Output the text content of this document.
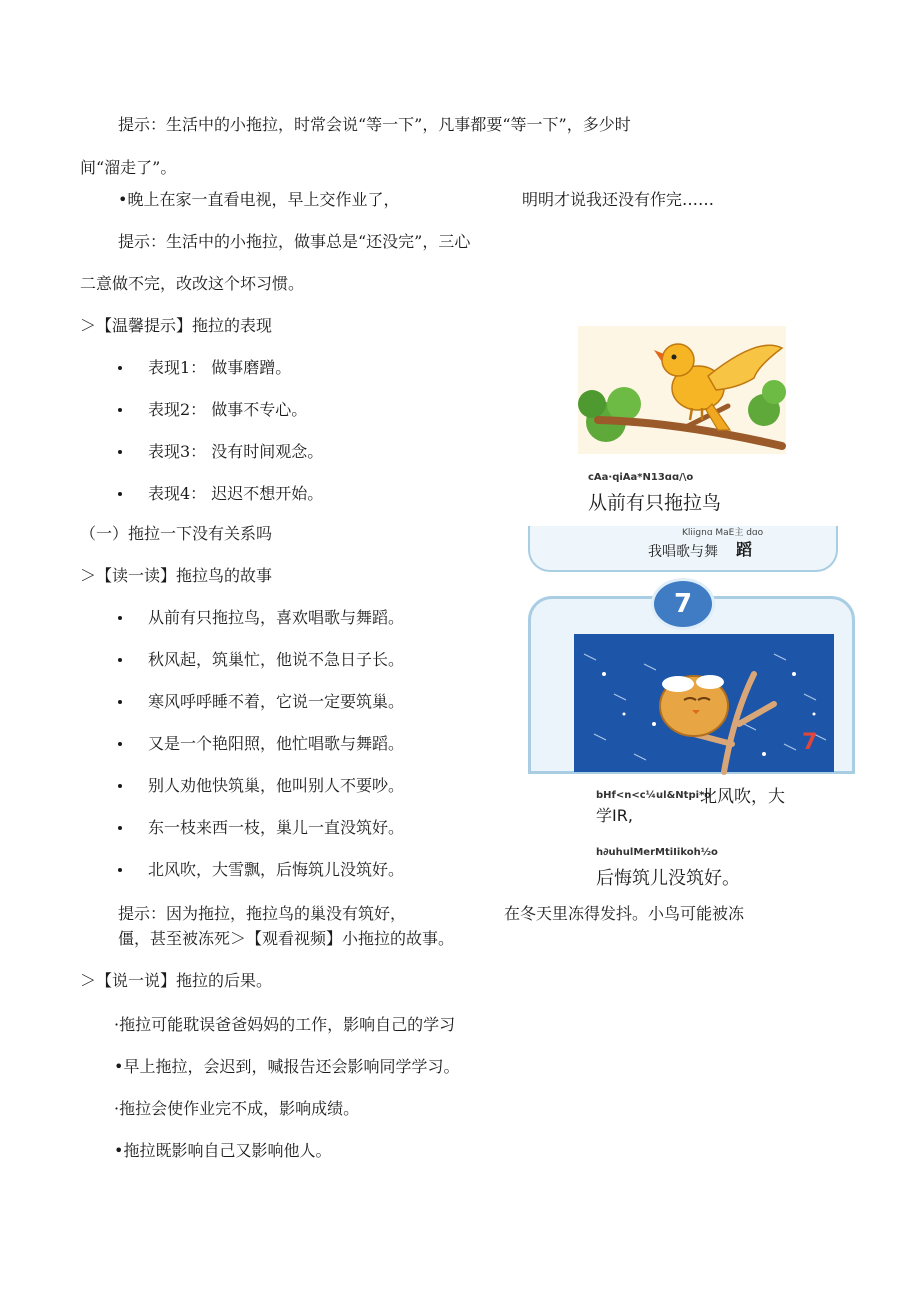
提示：生活中的小拖拉，时常会说“等一下”，凡事都要“等一下”，多少时
间“溜走了”。
•晚上在家一直看电视，早上交作业了，	明明才说我还没有作完……
提示：生活中的小拖拉，做事总是“还没完”，三心
二意做不完，改改这个坏习惯。
＞【温馨提示】拖拉的表现
表现1： 做事磨蹭。
表现2： 做事不专心。
表现3： 没有时间观念。
表现4： 迟迟不想开始。
（一）拖拉一下没有关系吗
＞【读一读】拖拉鸟的故事
从前有只拖拉鸟，喜欢唱歌与舞蹈。
秋风起，筑巢忙，他说不急日子长。
寒风呼呼睡不着，它说一定要筑巢。
又是一个艳阳照，他忙唱歌与舞蹈。
别人劝他快筑巢，他叫别人不要吵。
东一枝来西一枝，巢儿一直没筑好。
北风吹，大雪飘，后悔筑儿没筑好。
提示：因为拖拉，拖拉鸟的巢没有筑好，	在冬天里冻得发抖。小鸟可能被冻
僵，甚至被冻死＞【观看视频】小拖拉的故事。
＞【说一说】拖拉的后果。
·拖拉可能耽误爸爸妈妈的工作，影响自己的学习
•早上拖拉，会迟到，喊报告还会影响同学学习。
·拖拉会使作业完不成，影响成绩。
•拖拉既影响自己又影响他人。
cAa·qiAa*N13ɑɑ/\o
从前有只拖拉鸟
Kliignɑ MaE主 dɑo
我唱歌与舞 蹈
7
7
bHf<n<c¼ul&Ntpi*o
北风吹，大
学IR,
h∂uhulMerMtiIikoh½o
后悔筑儿没筑好。
